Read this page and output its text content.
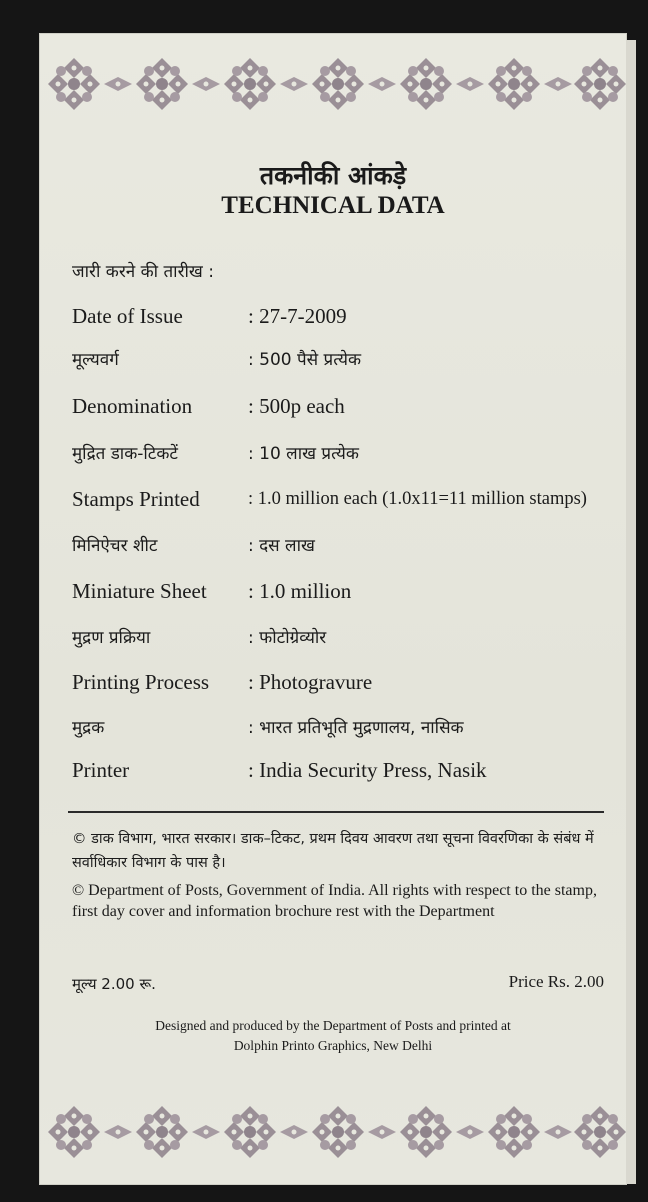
तकनीकी आंकड़े
TECHNICAL DATA
जारी करने की तारीख :
Date of Issue	: 27-7-2009
मूल्यवर्ग	: 500 पैसे प्रत्येक
Denomination	: 500p each
मुद्रित डाक-टिकटें	: 10 लाख प्रत्येक
Stamps Printed	: 1.0 million each (1.0x11=11 million stamps)
मिनिऐचर शीट	: दस लाख
Miniature Sheet : 1.0 million
मुद्रण प्रक्रिया	: फोटोग्रेव्योर
Printing Process : Photogravure
मुद्रक	: भारत प्रतिभूति मुद्रणालय, नासिक
Printer	: India Security Press, Nasik
© डाक विभाग, भारत सरकार। डाक–टिकट, प्रथम दिवय आवरण तथा सूचना विवरणिका के संबंध में सर्वाधिकार विभाग के पास है।
© Department of Posts, Government of India. All rights with respect to the stamp, first day cover and information brochure rest with the Department
मूल्य 2.00 रू.	Price Rs. 2.00
Designed and produced by the Department of Posts and printed at
Dolphin Printo Graphics, New Delhi
